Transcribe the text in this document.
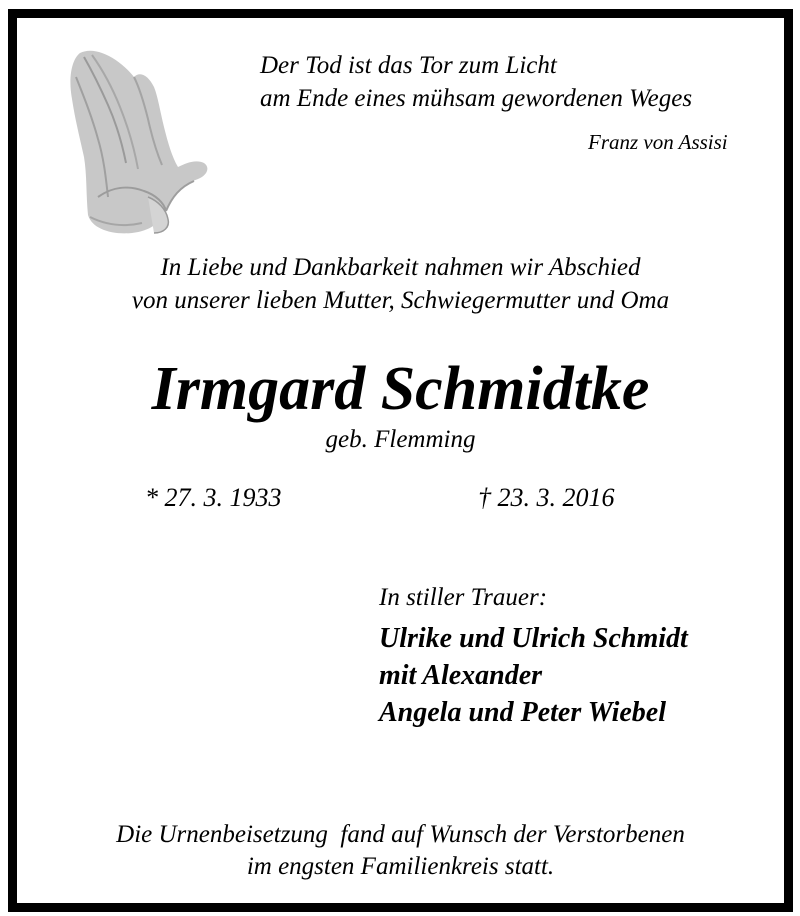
Der Tod ist das Tor zum Licht
am Ende eines mühsam gewordenen Weges
Franz von Assisi
In Liebe und Dankbarkeit nahmen wir Abschied
von unserer lieben Mutter, Schwiegermutter und Oma
Irmgard Schmidtke
geb. Flemming
* 27. 3. 1933	† 23. 3. 2016
In stiller Trauer:
Ulrike und Ulrich Schmidt
mit Alexander
Angela und Peter Wiebel
Die Urnenbeisetzung  fand auf Wunsch der Verstorbenen
im engsten Familienkreis statt.
